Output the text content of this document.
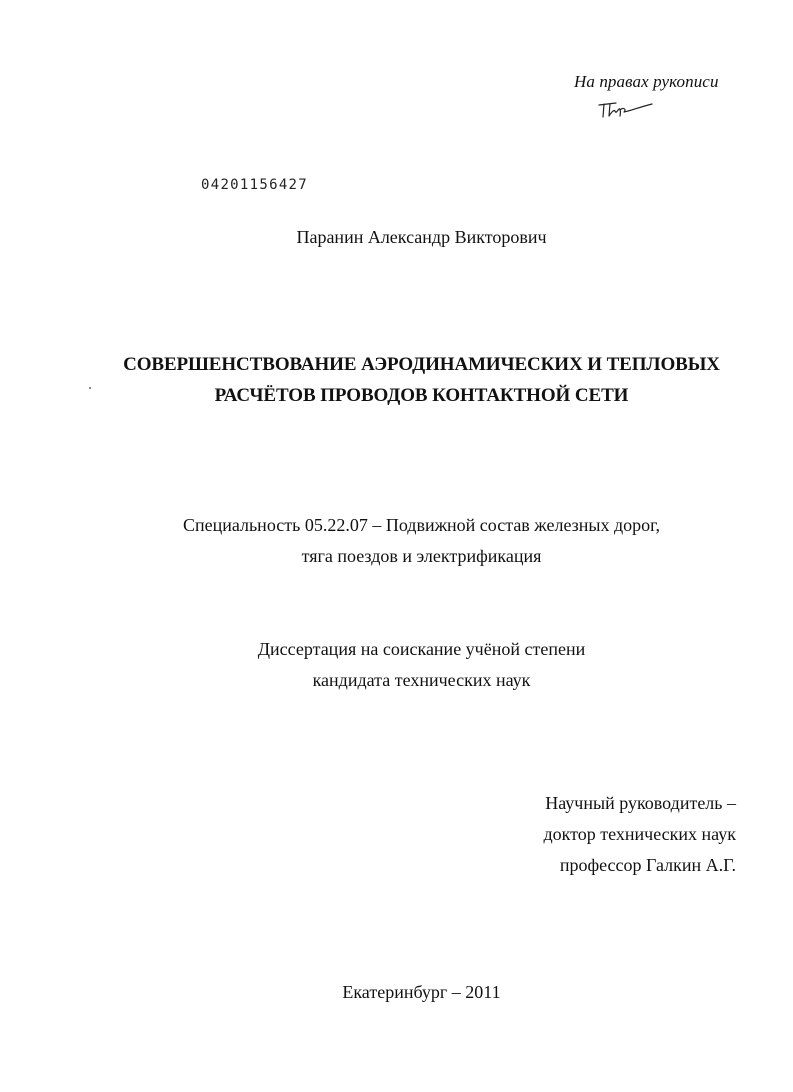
На правах рукописи
04201156427
Паранин Александр Викторович
СОВЕРШЕНСТВОВАНИЕ АЭРОДИНАМИЧЕСКИХ И ТЕПЛОВЫХ
РАСЧЁТОВ ПРОВОДОВ КОНТАКТНОЙ СЕТИ
Специальность 05.22.07 – Подвижной состав железных дорог,
тяга поездов и электрификация
Диссертация на соискание учёной степени
кандидата технических наук
Научный руководитель –
доктор технических наук
профессор Галкин А.Г.
Екатеринбург – 2011
